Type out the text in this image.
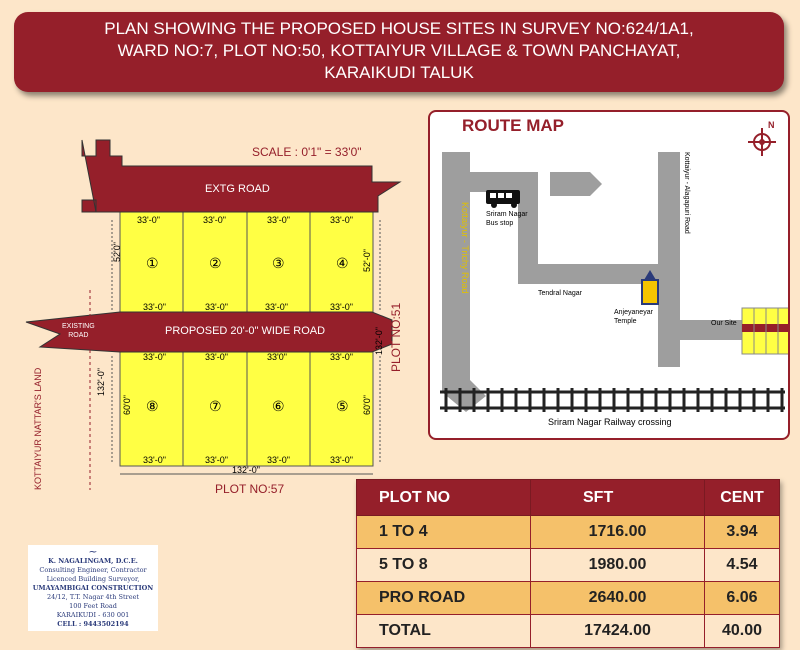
PLAN SHOWING THE PROPOSED HOUSE SITES IN SURVEY NO:624/1A1,
WARD NO:7, PLOT NO:50, KOTTAIYUR VILLAGE & TOWN PANCHAYAT,
KARAIKUDI TALUK
SCALE : 0'1" = 33'0"
EXTG ROAD
EXISTING
ROAD	PROPOSED 20'-0" WIDE ROAD
33'-0"	33'-0"	33'-0"	33'-0"
33'-0"	33'-0"	33'-0"	33'-0"
33'-0"	33'-0"	33'0"	33'-0"
33'-0"	33'-0"	33'-0"	33'-0"
132'-0"
①	②	③	④
⑧	⑦	⑥	⑤
52'0"	52'-0"
60'0"	60'0"
132'-0"
132'-0" PLOT NO:51
PLOT NO:57
KOTTAIYUR NATTAR'S LAND
ROUTE MAP	N
Sriram Nagar
Bus stop
Kottaiyur - Trichy Road
Kottaiyur - Alagapuri Road
Tendral Nagar
Anjeyaneyar
Temple	Our Site
Sriram Nagar Railway crossing
PLOT NO	SFT	CENT
1 TO 4	1716.00	3.94
5 TO 8	1980.00	4.54
PRO ROAD	2640.00	6.06
TOTAL	17424.00	40.00
~
K. NAGALINGAM, D.C.E.
Consulting Engineer, Contractor
Licenced Building Surveyor,
UMAYAMBIGAI CONSTRUCTION
24/12, T.T. Nagar 4th Street
100 Feet Road
KARAIKUDI - 630 001
CELL : 9443502194
